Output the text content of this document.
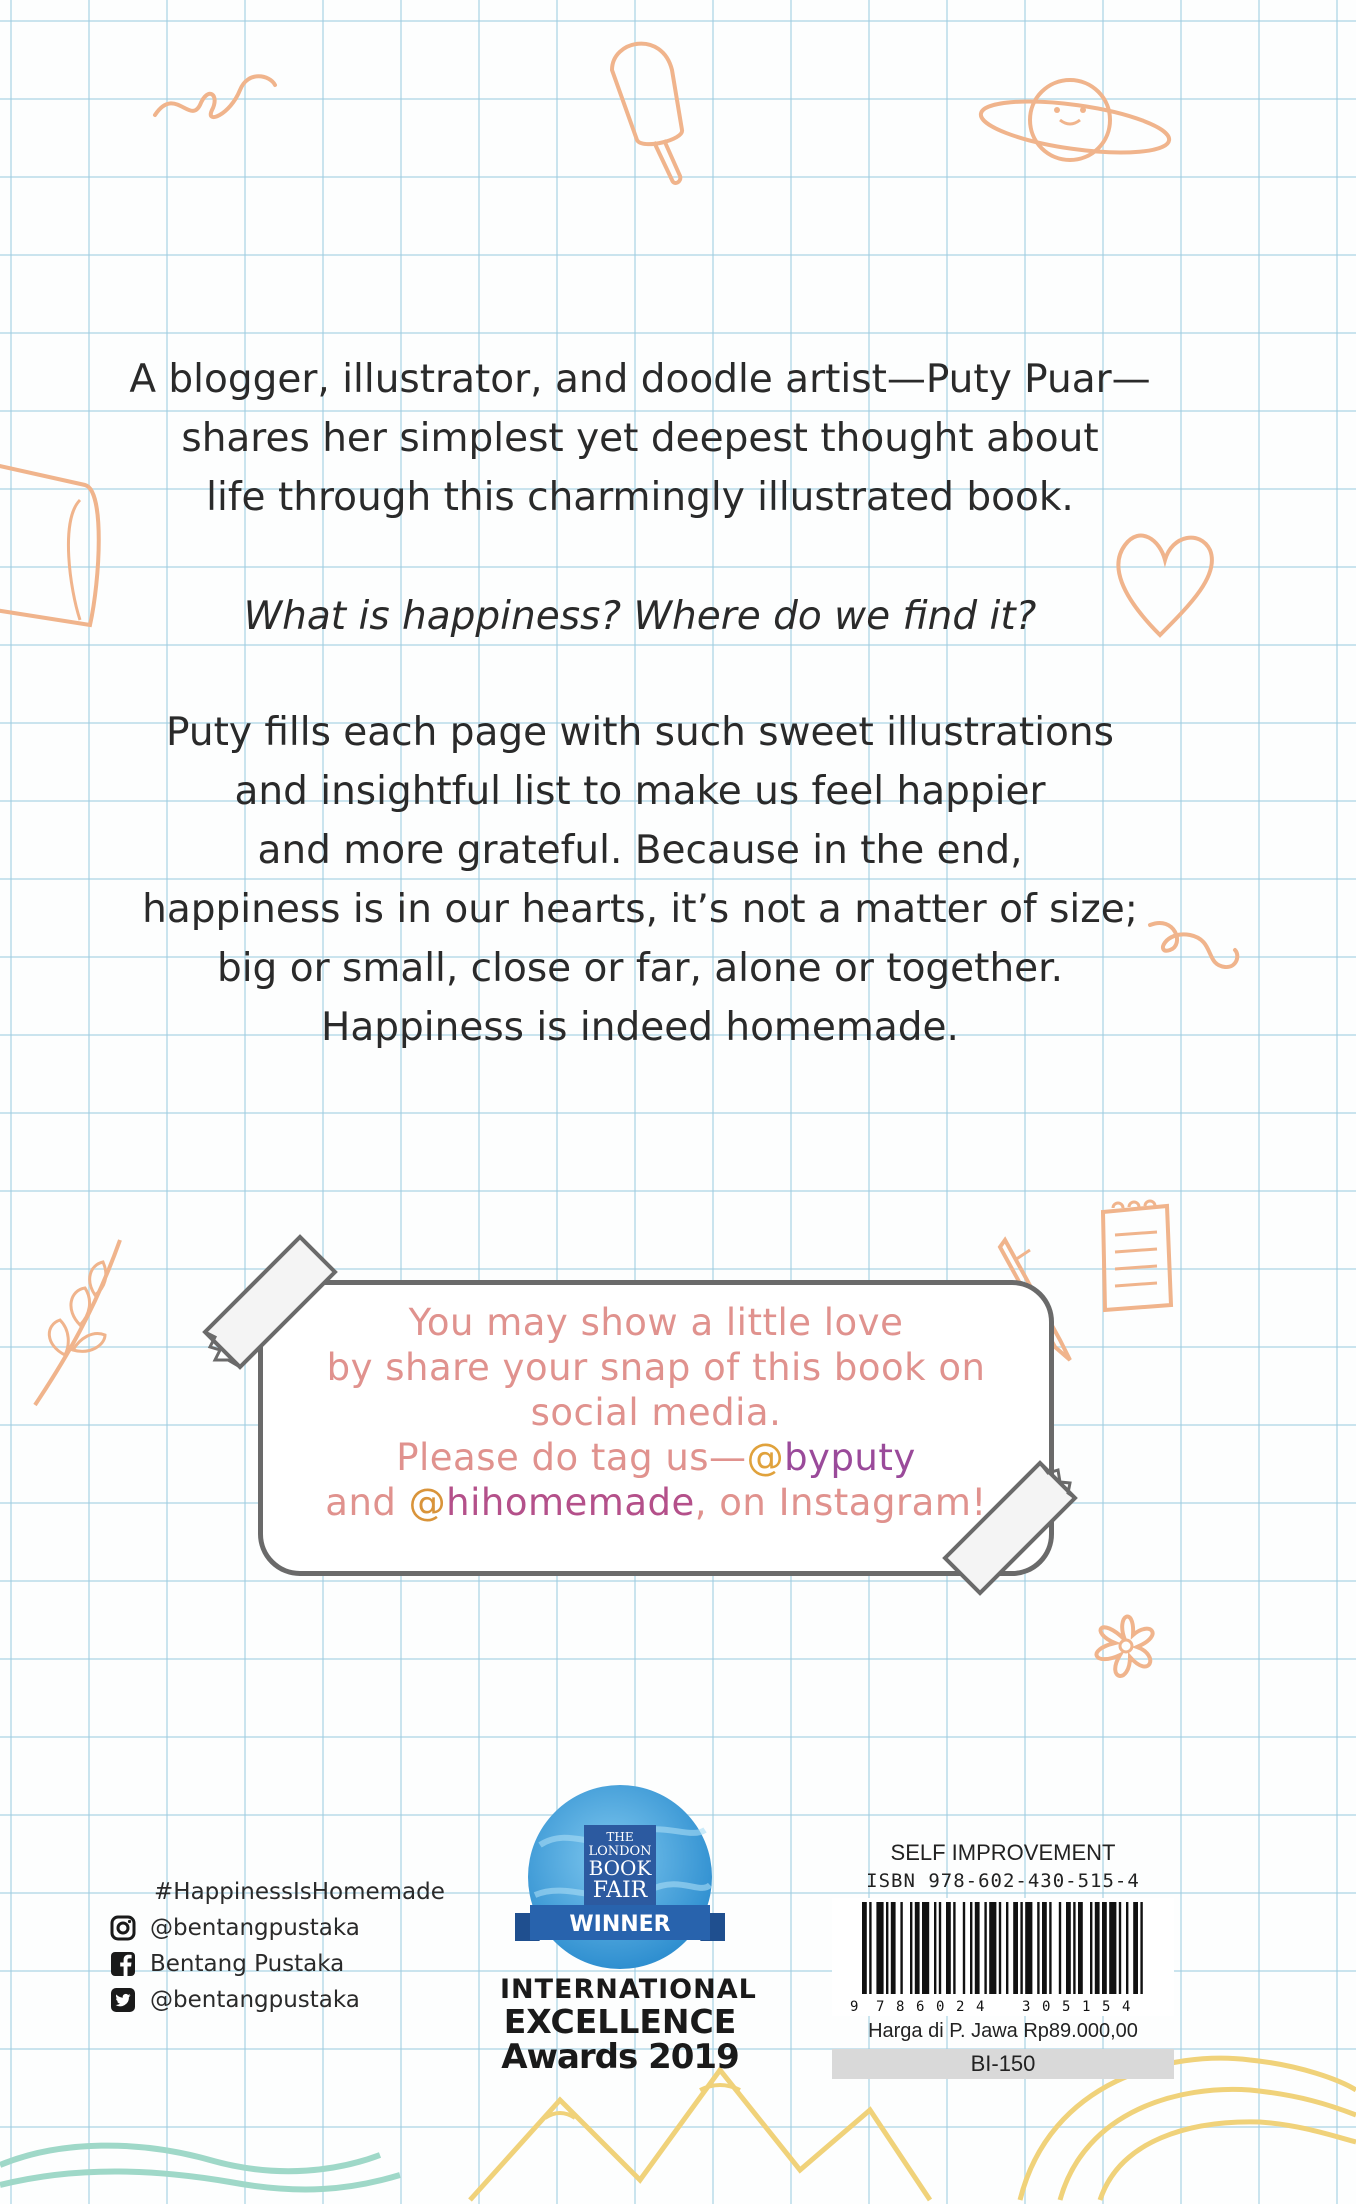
A blogger, illustrator, and doodle artist—Puty Puar—

shares her simplest yet deepest thought about

life through this charmingly illustrated book.

What is happiness? Where do we find it?

Puty fills each page with such sweet illustrations

and insightful list to make us feel happier

and more grateful. Because in the end,

happiness is in our hearts, it’s not a matter of size;

big or small, close or far, alone or together.

Happiness is indeed homemade.

You may show a little love
by share your snap of this book on
social media.
Please do tag us—@byputy
and @hihomemade, on Instagram!
#HappinessIsHomemade
@bentangpustaka
Bentang Pustaka
@bentangpustaka
THE
LONDON
BOOK
FAIR
WINNER
INTERNATIONAL
EXCELLENCE
Awards 2019
SELF IMPROVEMENT
ISBN 978-602-430-515-4
9 7 8 6 0 2 4	3 0 5 1 5 4
Harga di P. Jawa Rp89.000,00
BI-150
